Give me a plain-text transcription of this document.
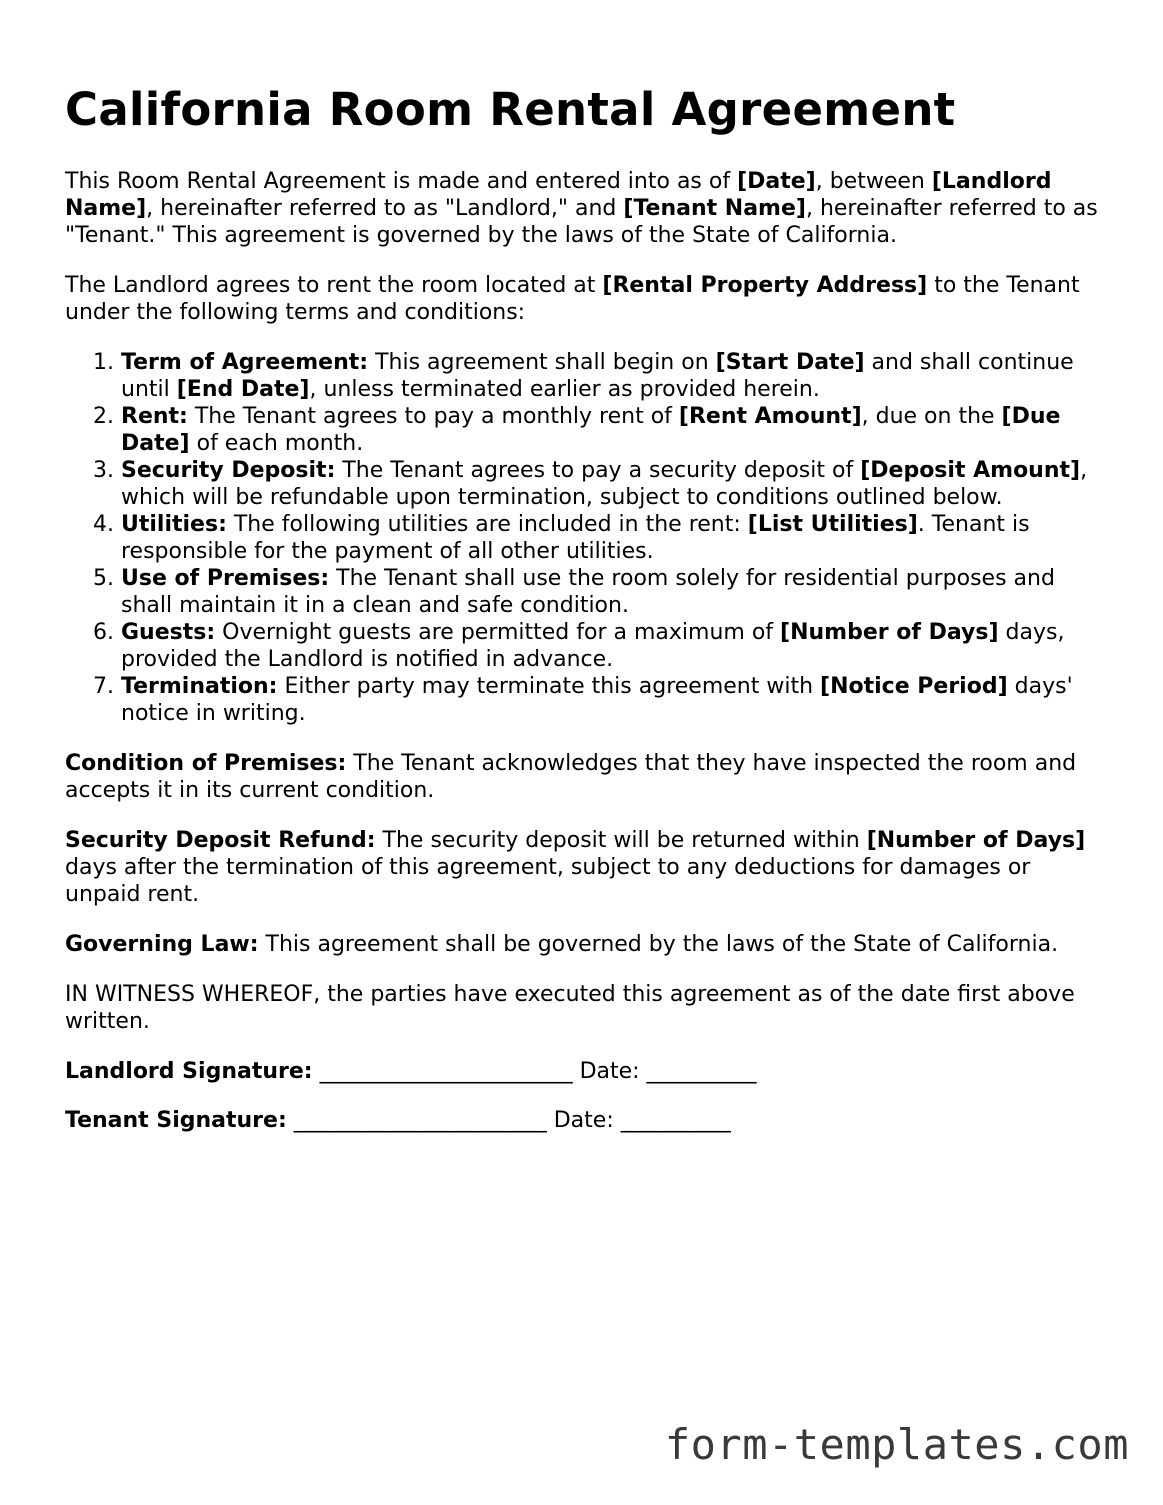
California Room Rental Agreement

This Room Rental Agreement is made and entered into as of [Date], between [Landlord Name], hereinafter referred to as "Landlord," and [Tenant Name], hereinafter referred to as "Tenant." This agreement is governed by the laws of the State of California.

The Landlord agrees to rent the room located at [Rental Property Address] to the Tenant under the following terms and conditions:

1. Term of Agreement: This agreement shall begin on [Start Date] and shall continue until [End Date], unless terminated earlier as provided herein.
2. Rent: The Tenant agrees to pay a monthly rent of [Rent Amount], due on the [Due Date] of each month.
3. Security Deposit: The Tenant agrees to pay a security deposit of [Deposit Amount], which will be refundable upon termination, subject to conditions outlined below.
4. Utilities: The following utilities are included in the rent: [List Utilities]. Tenant is responsible for the payment of all other utilities.
5. Use of Premises: The Tenant shall use the room solely for residential purposes and shall maintain it in a clean and safe condition.
6. Guests: Overnight guests are permitted for a maximum of [Number of Days] days, provided the Landlord is notified in advance.
7. Termination: Either party may terminate this agreement with [Notice Period] days' notice in writing.

Condition of Premises: The Tenant acknowledges that they have inspected the room and accepts it in its current condition.

Security Deposit Refund: The security deposit will be returned within [Number of Days] days after the termination of this agreement, subject to any deductions for damages or unpaid rent.

Governing Law: This agreement shall be governed by the laws of the State of California.

IN WITNESS WHEREOF, the parties have executed this agreement as of the date first above written.

Landlord Signature: _______________________ Date: __________

Tenant Signature: _______________________ Date: __________

form-templates.com
